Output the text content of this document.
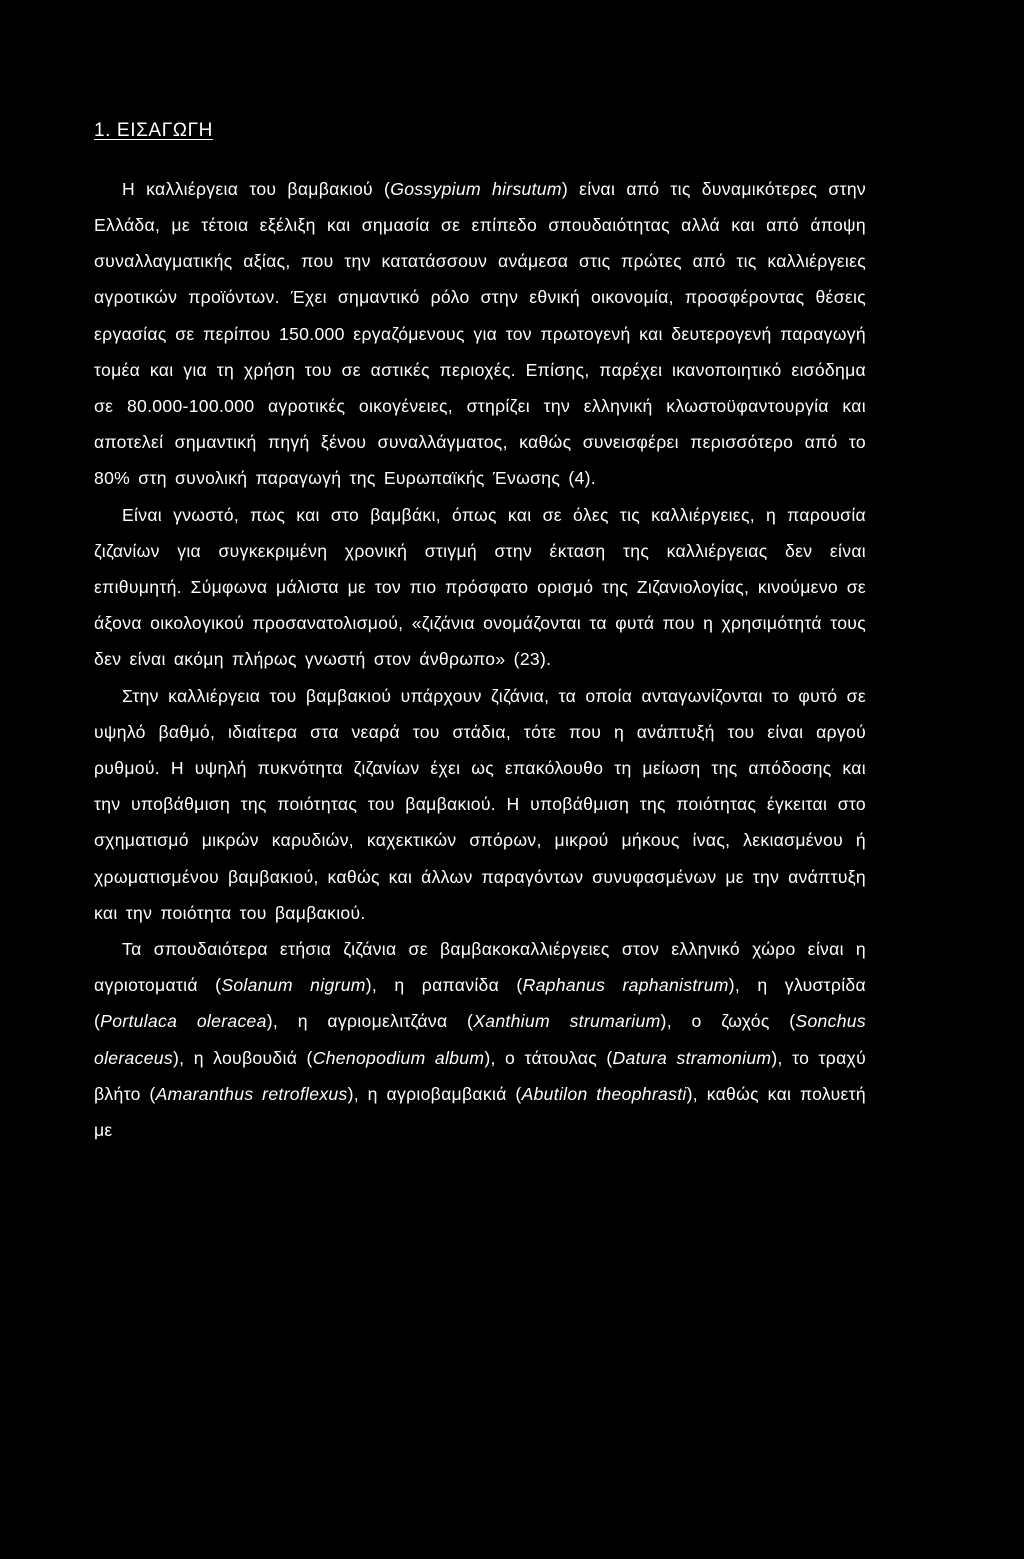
1. ΕΙΣΑΓΩΓΗ

Η καλλιέργεια του βαμβακιού (Gossypium hirsutum) είναι από τις δυναμικότερες στην Ελλάδα, με τέτοια εξέλιξη και σημασία σε επίπεδο σπουδαιότητας αλλά και από άποψη συναλλαγματικής αξίας, που την κατατάσσουν ανάμεσα στις πρώτες από τις καλλιέργειες αγροτικών προϊόντων. Έχει σημαντικό ρόλο στην εθνική οικονομία, προσφέροντας θέσεις εργασίας σε περίπου 150.000 εργαζόμενους για τον πρωτογενή και δευτερογενή παραγωγή τομέα και για τη χρήση του σε αστικές περιοχές. Επίσης, παρέχει ικανοποιητικό εισόδημα σε 80.000-100.000 αγροτικές οικογένειες, στηρίζει την ελληνική κλωστοϋφαντουργία και αποτελεί σημαντική πηγή ξένου συναλλάγματος, καθώς συνεισφέρει περισσότερο από το 80% στη συνολική παραγωγή της Ευρωπαϊκής Ένωσης (4).

Είναι γνωστό, πως και στο βαμβάκι, όπως και σε όλες τις καλλιέργειες, η παρουσία ζιζανίων για συγκεκριμένη χρονική στιγμή στην έκταση της καλλιέργειας δεν είναι επιθυμητή. Σύμφωνα μάλιστα με τον πιο πρόσφατο ορισμό της Ζιζανιολογίας, κινούμενο σε άξονα οικολογικού προσανατολισμού, «ζιζάνια ονομάζονται τα φυτά που η χρησιμότητά τους δεν είναι ακόμη πλήρως γνωστή στον άνθρωπο» (23).

Στην καλλιέργεια του βαμβακιού υπάρχουν ζιζάνια, τα οποία ανταγωνίζονται το φυτό σε υψηλό βαθμό, ιδιαίτερα στα νεαρά του στάδια, τότε που η ανάπτυξή του είναι αργού ρυθμού. Η υψηλή πυκνότητα ζιζανίων έχει ως επακόλουθο τη μείωση της απόδοσης και την υποβάθμιση της ποιότητας του βαμβακιού. Η υποβάθμιση της ποιότητας έγκειται στο σχηματισμό μικρών καρυδιών, καχεκτικών σπόρων, μικρού μήκους ίνας, λεκιασμένου ή χρωματισμένου βαμβακιού, καθώς και άλλων παραγόντων συνυφασμένων με την ανάπτυξη και την ποιότητα του βαμβακιού.

Τα σπουδαιότερα ετήσια ζιζάνια σε βαμβακοκαλλιέργειες στον ελληνικό χώρο είναι η αγριοτοματιά (Solanum nigrum), η ραπανίδα (Raphanus raphanistrum), η γλυστρίδα (Portulaca oleracea), η αγριομελιτζάνα (Xanthium strumarium), ο ζωχός (Sonchus oleraceus), η λουβουδιά (Chenopodium album), ο τάτουλας (Datura stramonium), το τραχύ βλήτο (Amaranthus retroflexus), η αγριοβαμβακιά (Abutilon theophrasti), καθώς και πολυετή με
